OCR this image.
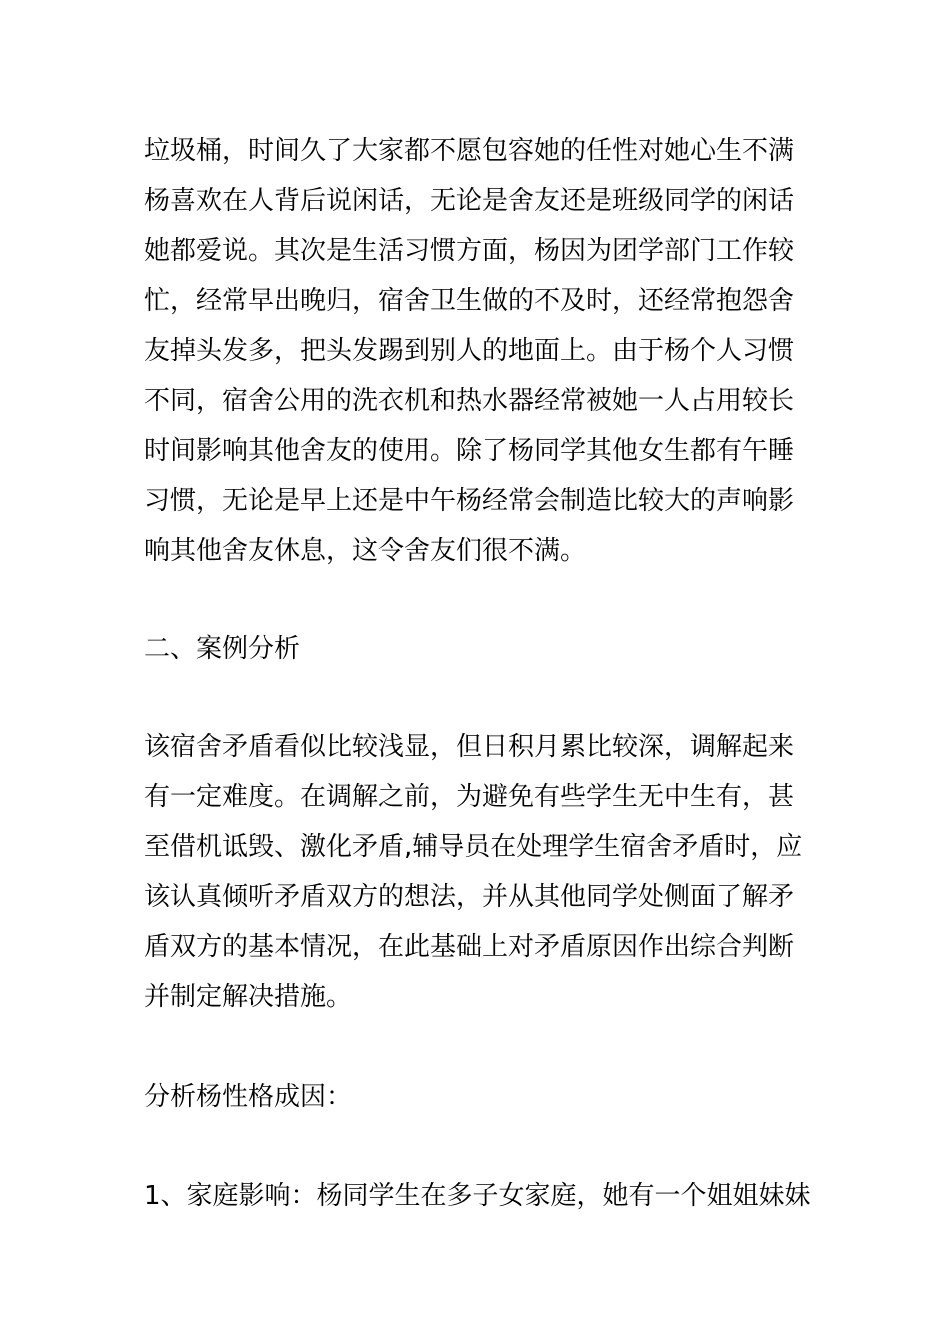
垃圾桶，时间久了大家都不愿包容她的任性对她心生不满
杨喜欢在人背后说闲话，无论是舍友还是班级同学的闲话
她都爱说。其次是生活习惯方面，杨因为团学部门工作较
忙，经常早出晚归，宿舍卫生做的不及时，还经常抱怨舍
友掉头发多，把头发踢到别人的地面上。由于杨个人习惯
不同，宿舍公用的洗衣机和热水器经常被她一人占用较长
时间影响其他舍友的使用。除了杨同学其他女生都有午睡
习惯，无论是早上还是中午杨经常会制造比较大的声响影
响其他舍友休息，这令舍友们很不满。
二、案例分析
该宿舍矛盾看似比较浅显，但日积月累比较深，调解起来
有一定难度。在调解之前，为避免有些学生无中生有，甚
至借机诋毁、激化矛盾,辅导员在处理学生宿舍矛盾时，应
该认真倾听矛盾双方的想法，并从其他同学处侧面了解矛
盾双方的基本情况，在此基础上对矛盾原因作出综合判断
并制定解决措施。
分析杨性格成因：
1、家庭影响：杨同学生在多子女家庭，她有一个姐姐妹妹
